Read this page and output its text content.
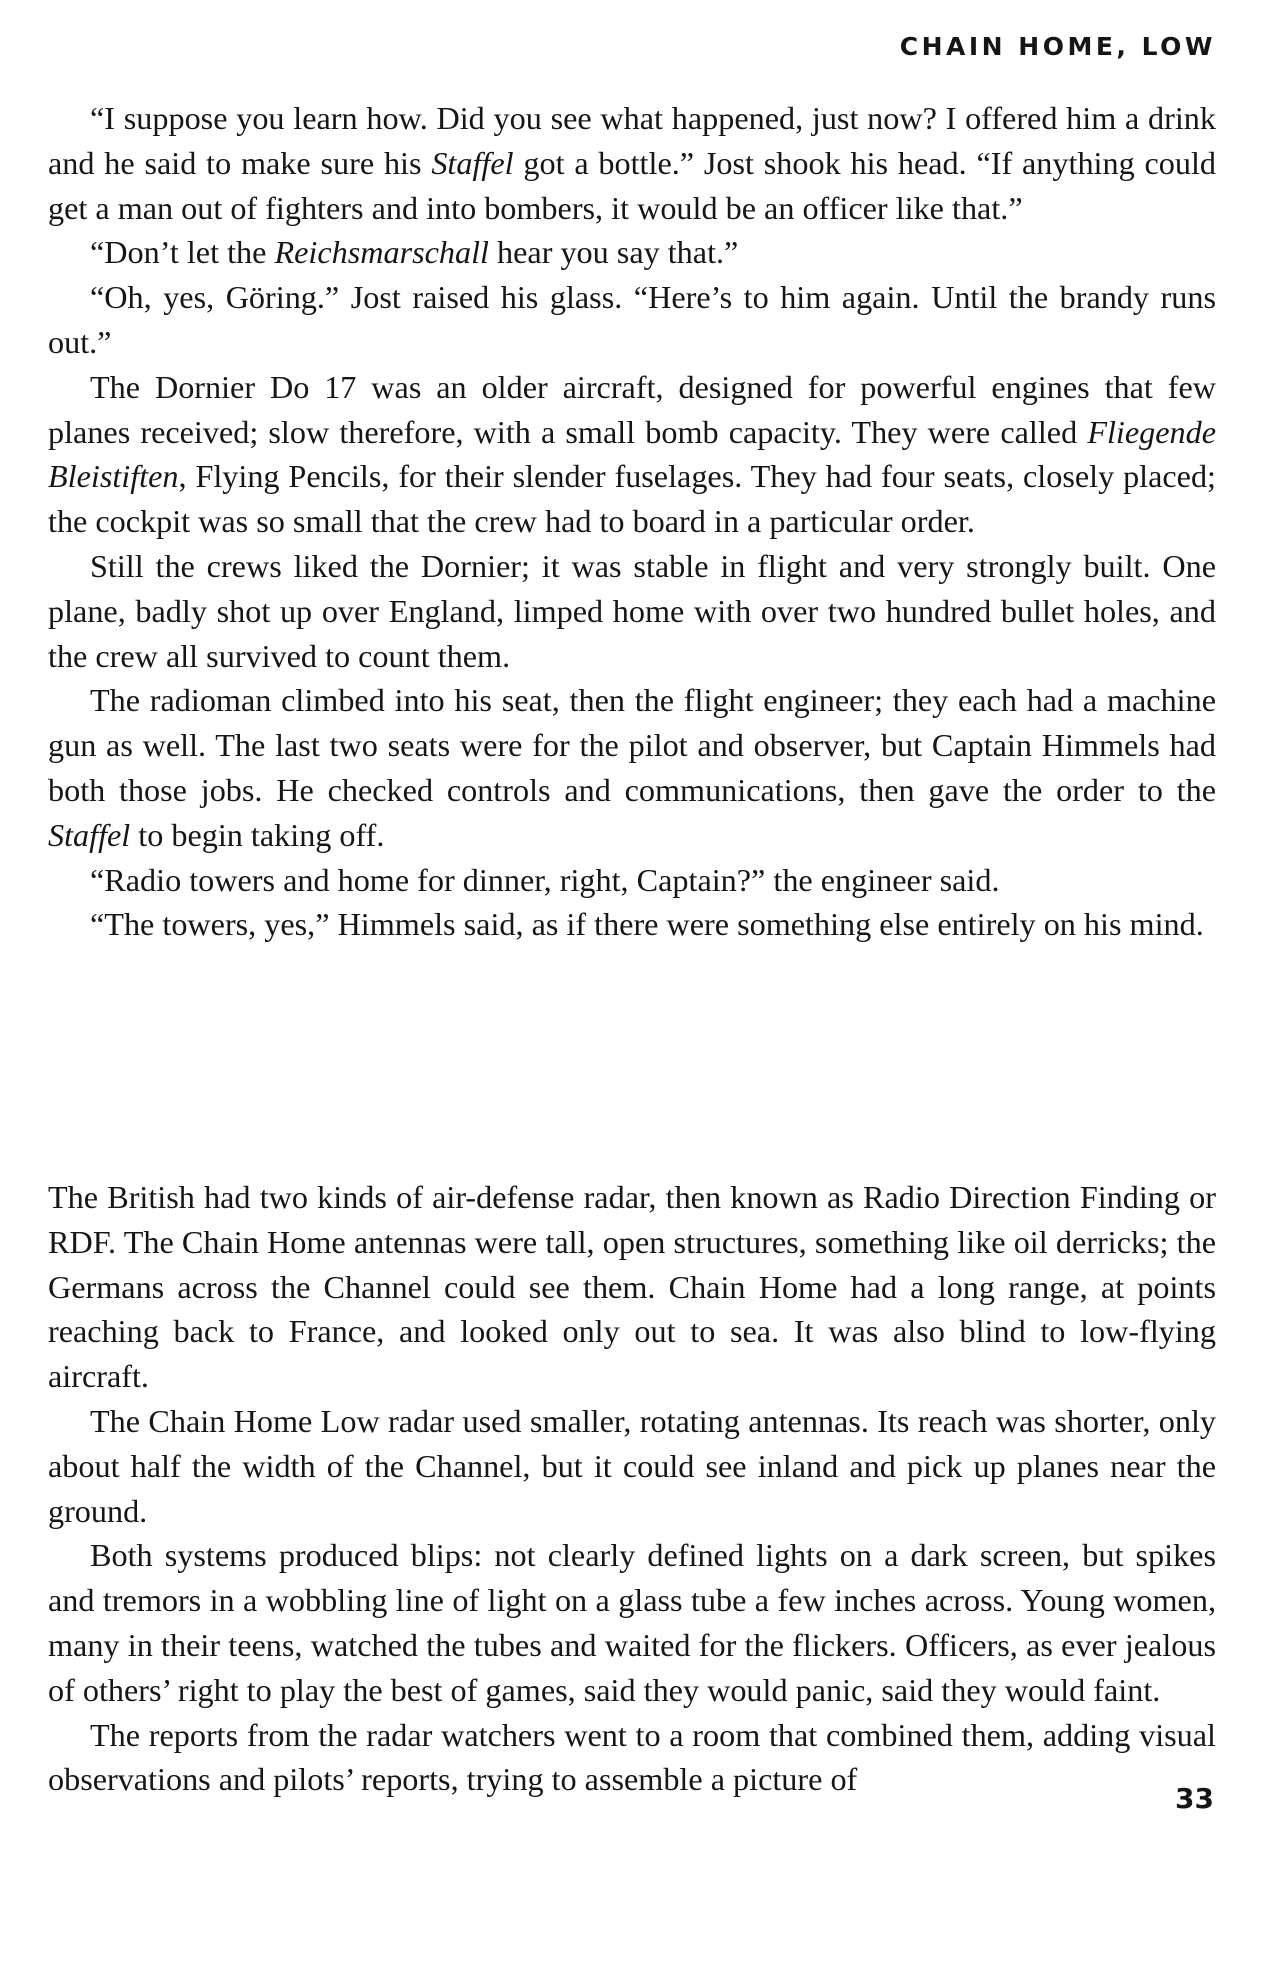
CHAIN HOME, LOW

“I suppose you learn how. Did you see what happened, just now? I offered him a drink and he said to make sure his Staffel got a bottle.” Jost shook his head. “If anything could get a man out of fighters and into bombers, it would be an officer like that.”

“Don’t let the Reichsmarschall hear you say that.”

“Oh, yes, Göring.” Jost raised his glass. “Here’s to him again. Until the brandy runs out.”

The Dornier Do 17 was an older aircraft, designed for powerful engines that few planes received; slow therefore, with a small bomb capacity. They were called Fliegende Bleistiften, Flying Pencils, for their slender fuselages. They had four seats, closely placed; the cockpit was so small that the crew had to board in a particular order.

Still the crews liked the Dornier; it was stable in flight and very strongly built. One plane, badly shot up over England, limped home with over two hundred bullet holes, and the crew all survived to count them.

The radioman climbed into his seat, then the flight engineer; they each had a machine gun as well. The last two seats were for the pilot and observer, but Captain Himmels had both those jobs. He checked controls and communications, then gave the order to the Staffel to begin taking off.

“Radio towers and home for dinner, right, Captain?” the engineer said.

“The towers, yes,” Himmels said, as if there were something else entirely on his mind.

The British had two kinds of air-defense radar, then known as Radio Direction Finding or RDF. The Chain Home antennas were tall, open structures, something like oil derricks; the Germans across the Channel could see them. Chain Home had a long range, at points reaching back to France, and looked only out to sea. It was also blind to low-flying aircraft.

The Chain Home Low radar used smaller, rotating antennas. Its reach was shorter, only about half the width of the Channel, but it could see inland and pick up planes near the ground.

Both systems produced blips: not clearly defined lights on a dark screen, but spikes and tremors in a wobbling line of light on a glass tube a few inches across. Young women, many in their teens, watched the tubes and waited for the flickers. Officers, as ever jealous of others’ right to play the best of games, said they would panic, said they would faint.

The reports from the radar watchers went to a room that combined them, adding visual observations and pilots’ reports, trying to assemble a picture of

33
